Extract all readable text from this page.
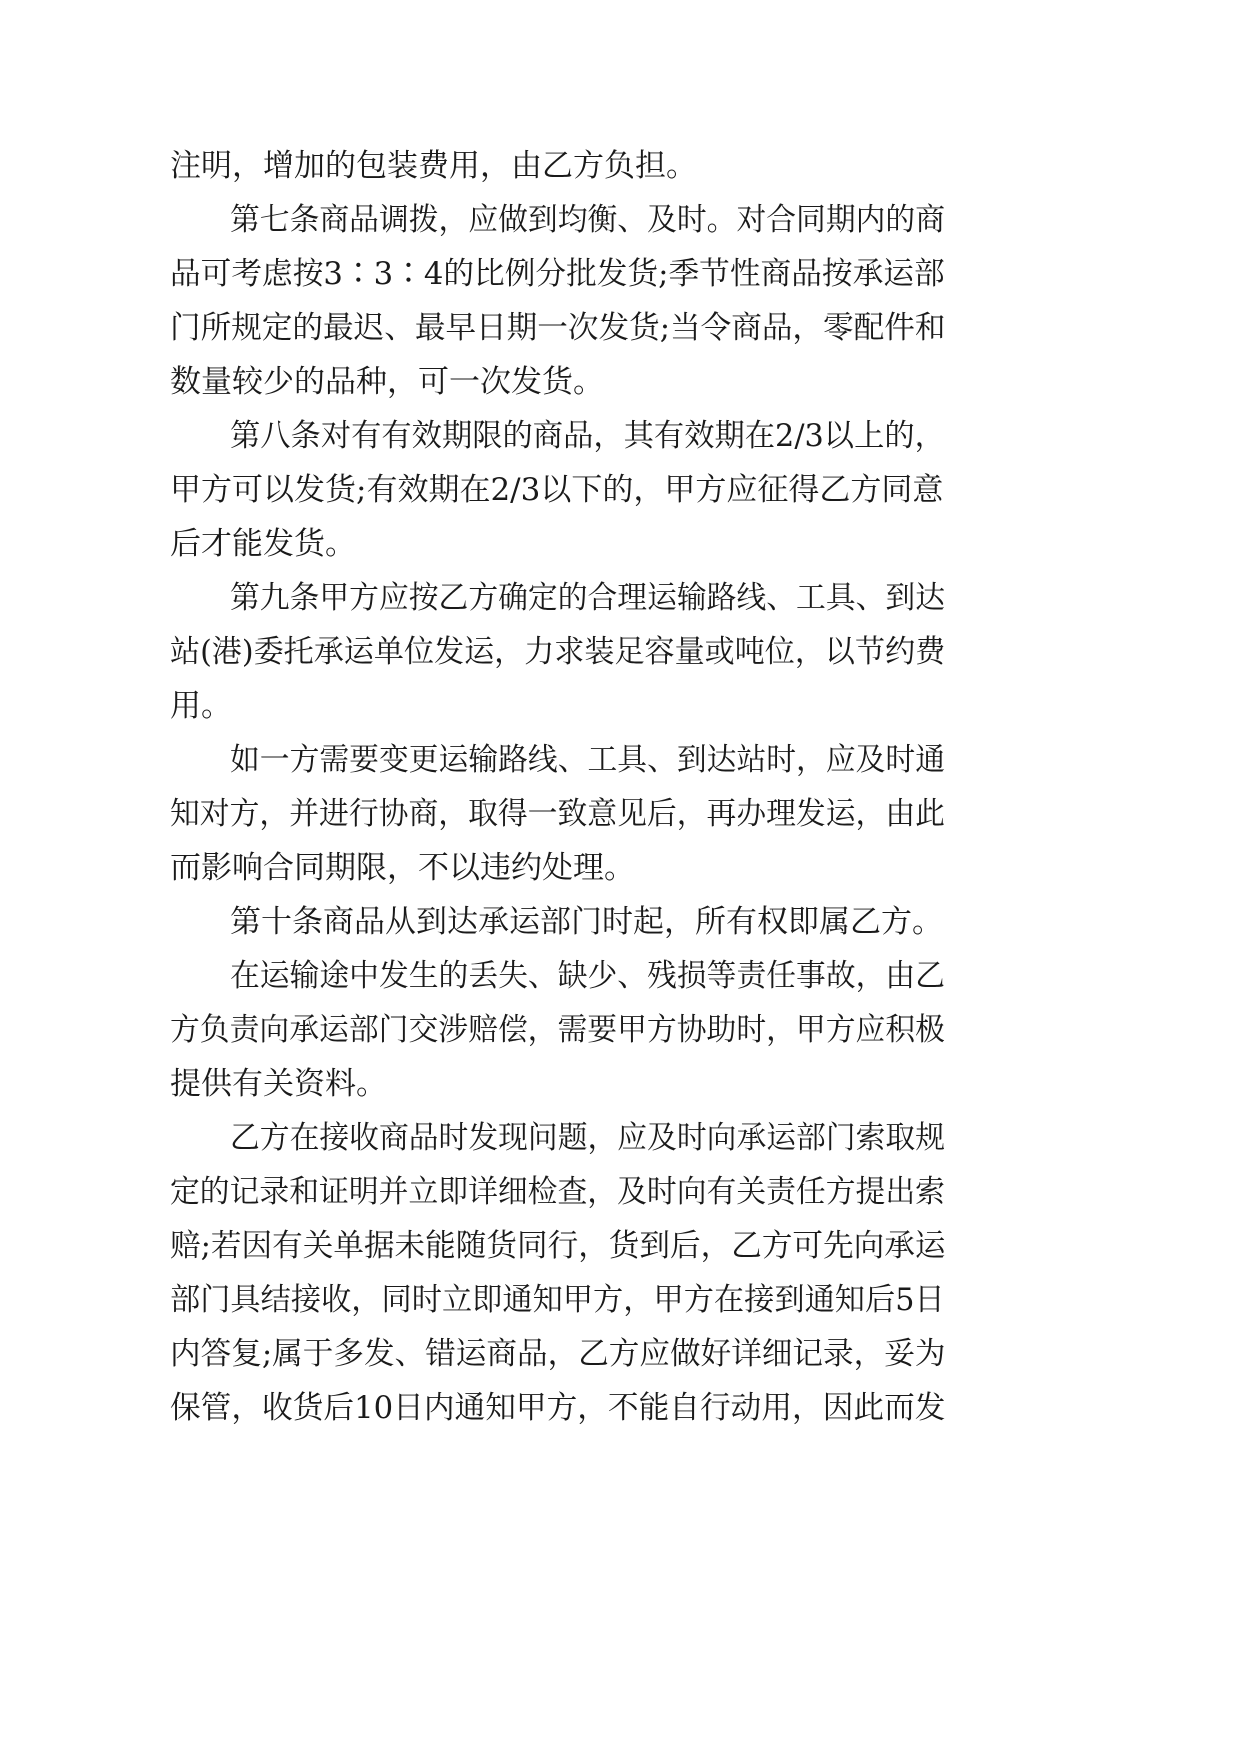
注明，增加的包装费用，由乙方负担。
第七条商品调拨，应做到均衡、及时。对合同期内的商
品可考虑按3∶3∶4的比例分批发货;季节性商品按承运部
门所规定的最迟、最早日期一次发货;当令商品，零配件和
数量较少的品种，可一次发货。
第八条对有有效期限的商品，其有效期在2/3以上的，
甲方可以发货;有效期在2/3以下的，甲方应征得乙方同意
后才能发货。
第九条甲方应按乙方确定的合理运输路线、工具、到达
站(港)委托承运单位发运，力求装足容量或吨位，以节约费
用。
如一方需要变更运输路线、工具、到达站时，应及时通
知对方，并进行协商，取得一致意见后，再办理发运，由此
而影响合同期限，不以违约处理。
第十条商品从到达承运部门时起，所有权即属乙方。
在运输途中发生的丢失、缺少、残损等责任事故，由乙
方负责向承运部门交涉赔偿，需要甲方协助时，甲方应积极
提供有关资料。
乙方在接收商品时发现问题，应及时向承运部门索取规
定的记录和证明并立即详细检查，及时向有关责任方提出索
赔;若因有关单据未能随货同行，货到后，乙方可先向承运
部门具结接收，同时立即通知甲方，甲方在接到通知后5日
内答复;属于多发、错运商品，乙方应做好详细记录，妥为
保管，收货后10日内通知甲方，不能自行动用，因此而发
